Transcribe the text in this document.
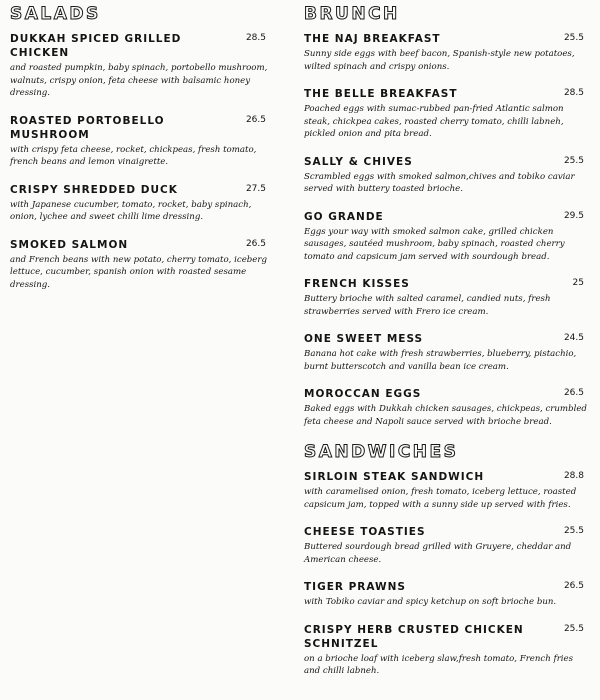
SALADS
DUKKAH SPICED GRILLED CHICKEN
28.5
and roasted pumpkin, baby spinach, portobello mushroom, walnuts, crispy onion, feta cheese with balsamic honey dressing.
ROASTED PORTOBELLO MUSHROOM
26.5
with crispy feta cheese, rocket, chickpeas, fresh tomato, french beans and lemon vinaigrette.
CRISPY SHREDDED DUCK	27.5
with Japanese cucumber, tomato, rocket, baby spinach, onion, lychee and sweet chilli lime dressing.
SMOKED SALMON	26.5
and French beans with new potato, cherry tomato, iceberg lettuce, cucumber, spanish onion with roasted sesame dressing.
BRUNCH
THE NAJ BREAKFAST	25.5
Sunny side eggs with beef bacon, Spanish-style new potatoes, wilted spinach and crispy onions.
THE BELLE BREAKFAST	28.5
Poached eggs with sumac-rubbed pan-fried Atlantic salmon steak, chickpea cakes, roasted cherry tomato, chilli labneh, pickled onion and pita bread.
SALLY & CHIVES	25.5
Scrambled eggs with smoked salmon,chives and tobiko caviar served with buttery toasted brioche.
GO GRANDE	29.5
Eggs your way with smoked salmon cake, grilled chicken sausages, sautéed mushroom, baby spinach, roasted cherry tomato and capsicum jam served with sourdough bread.
FRENCH KISSES	25
Buttery brioche with salted caramel, candied nuts, fresh strawberries served with Frero ice cream.
ONE SWEET MESS	24.5
Banana hot cake with fresh strawberries, blueberry, pistachio, burnt butterscotch and vanilla bean ice cream.
MOROCCAN EGGS	26.5
Baked eggs with Dukkah chicken sausages, chickpeas, crumbled feta cheese and Napoli sauce served with brioche bread.
SANDWICHES
SIRLOIN STEAK SANDWICH	28.8
with caramelised onion, fresh tomato, iceberg lettuce, roasted capsicum jam, topped with a sunny side up served with fries.
CHEESE TOASTIES	25.5
Buttered sourdough bread grilled with Gruyere, cheddar and American cheese.
TIGER PRAWNS	26.5
with Tobiko caviar and spicy ketchup on soft brioche bun.
CRISPY HERB CRUSTED CHICKEN SCHNITZEL
25.5
on a brioche loaf with iceberg slaw,fresh tomato, French fries and chilli labneh.
